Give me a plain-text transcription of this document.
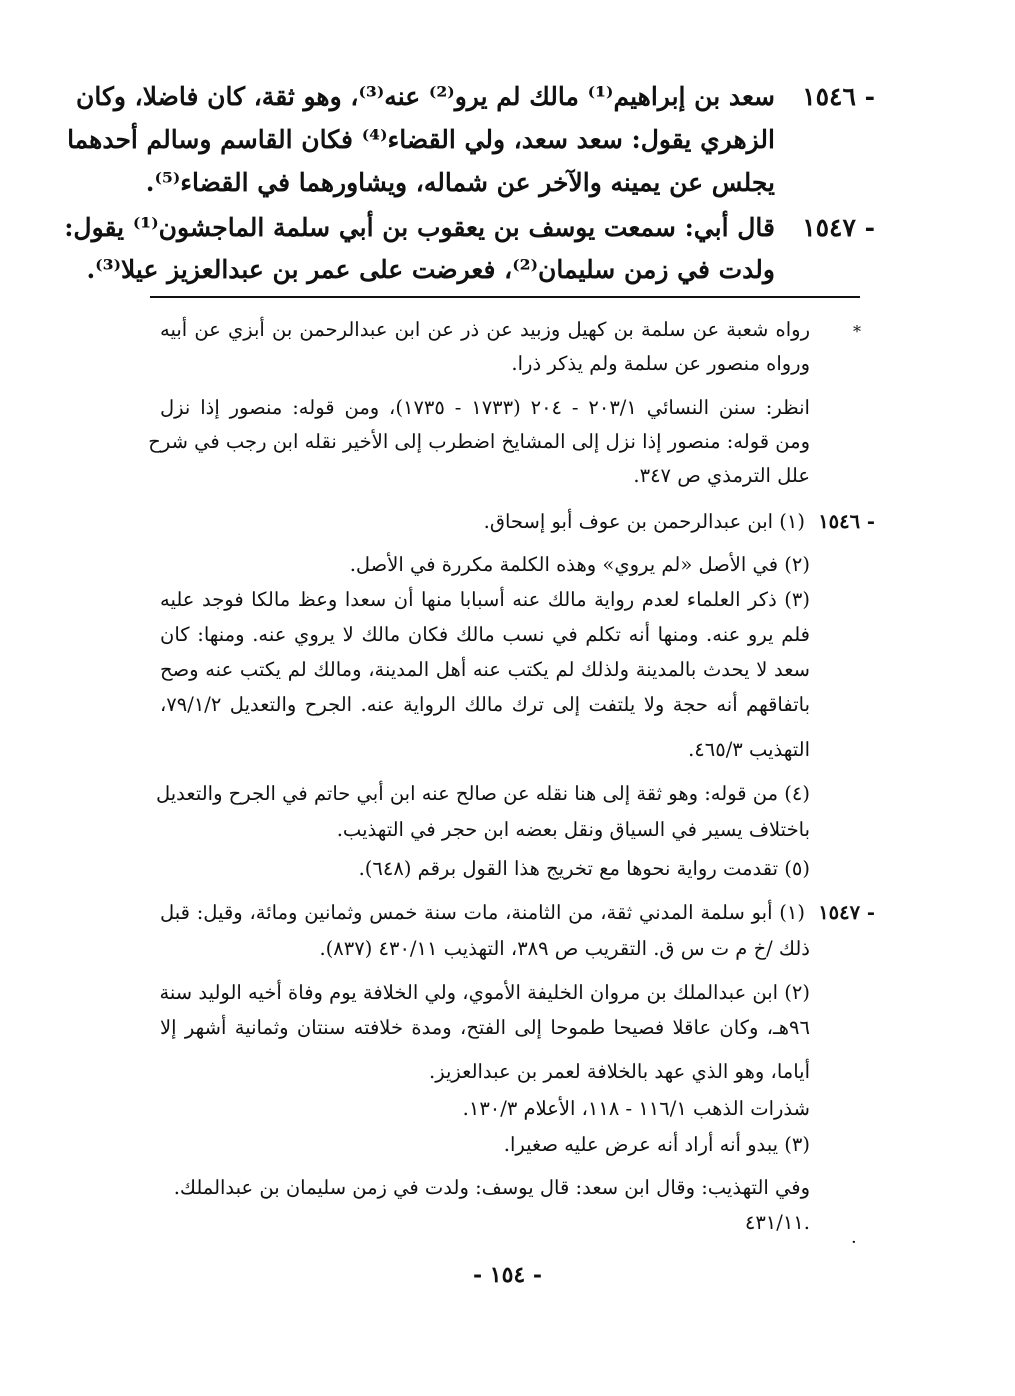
١٥٤٦ -
سعد بن إبراهيم⁽¹⁾ مالك لم يرو⁽²⁾ عنه⁽³⁾، وهو ثقة، كان فاضلا، وكان
الزهري يقول: سعد سعد، ولي القضاء⁽⁴⁾ فكان القاسم وسالم أحدهما
يجلس عن يمينه والآخر عن شماله، ويشاورهما في القضاء⁽⁵⁾.
١٥٤٧ -
قال أبي: سمعت يوسف بن يعقوب بن أبي سلمة الماجشون⁽¹⁾ يقول:
ولدت في زمن سليمان⁽²⁾، فعرضت على عمر بن عبدالعزيز عيلا⁽³⁾.
*
رواه شعبة عن سلمة بن كهيل وزبيد عن ذر عن ابن عبدالرحمن بن أبزي عن أبيه
ورواه منصور عن سلمة ولم يذكر ذرا.
انظر: سنن النسائي ٢٠٣/١ - ٢٠٤ (١٧٣٣ - ١٧٣٥)، ومن قوله: منصور إذا نزل
ومن قوله: منصور إذا نزل إلى المشايخ اضطرب إلى الأخير نقله ابن رجب في شرح
علل الترمذي ص ٣٤٧.
١٥٤٦ -
(١) ابن عبدالرحمن بن عوف أبو إسحاق.
(٢) في الأصل «لم يروي» وهذه الكلمة مكررة في الأصل.
(٣) ذكر العلماء لعدم رواية مالك عنه أسبابا منها أن سعدا وعظ مالكا فوجد عليه
فلم يرو عنه. ومنها أنه تكلم في نسب مالك فكان مالك لا يروي عنه. ومنها: كان
سعد لا يحدث بالمدينة ولذلك لم يكتب عنه أهل المدينة، ومالك لم يكتب عنه وصح
باتفاقهم أنه حجة ولا يلتفت إلى ترك مالك الرواية عنه. الجرح والتعديل ٧٩/١/٢،
التهذيب ٤٦٥/٣.
(٤) من قوله: وهو ثقة إلى هنا نقله عن صالح عنه ابن أبي حاتم في الجرح والتعديل
باختلاف يسير في السياق ونقل بعضه ابن حجر في التهذيب.
(٥) تقدمت رواية نحوها مع تخريج هذا القول برقم (٦٤٨).
١٥٤٧ -
(١) أبو سلمة المدني ثقة، من الثامنة، مات سنة خمس وثمانين ومائة، وقيل: قبل
ذلك /خ م ت س ق. التقريب ص ٣٨٩، التهذيب ٤٣٠/١١ (٨٣٧).
(٢) ابن عبدالملك بن مروان الخليفة الأموي، ولي الخلافة يوم وفاة أخيه الوليد سنة
٩٦هـ، وكان عاقلا فصيحا طموحا إلى الفتح، ومدة خلافته سنتان وثمانية أشهر إلا
أياما، وهو الذي عهد بالخلافة لعمر بن عبدالعزيز.
شذرات الذهب ١١٦/١ - ١١٨، الأعلام ١٣٠/٣.
(٣) يبدو أنه أراد أنه عرض عليه صغيرا.
وفي التهذيب: وقال ابن سعد: قال يوسف: ولدت في زمن سليمان بن عبدالملك.
٤٣١/١١.
·
- ١٥٤ -
